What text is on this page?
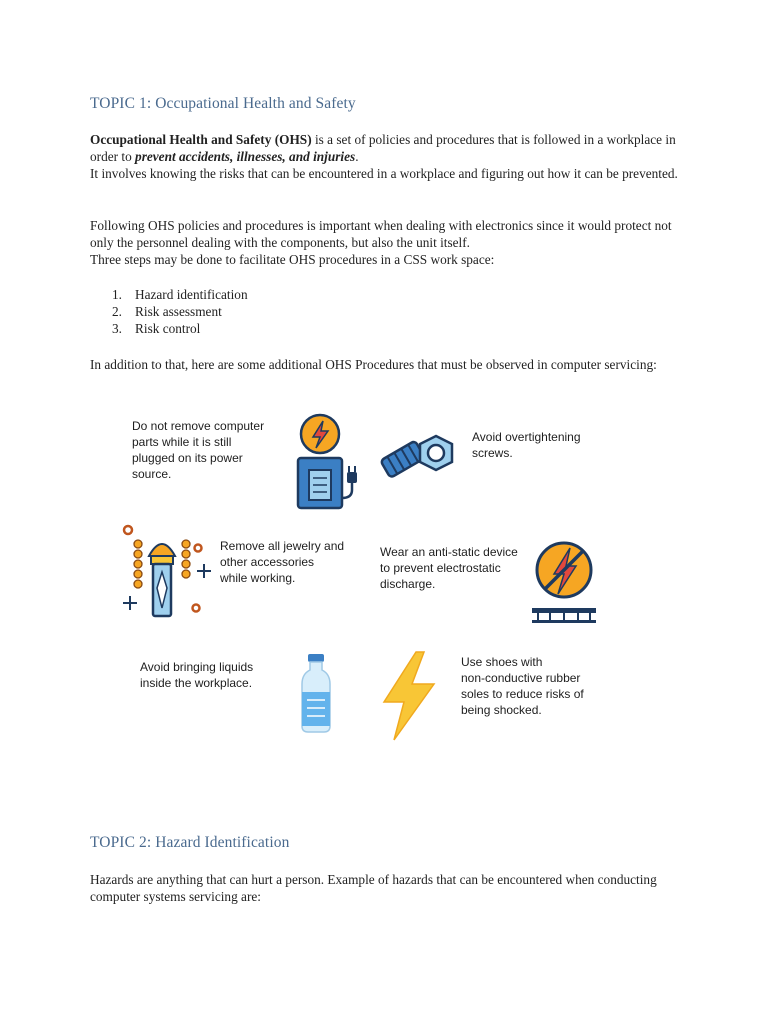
TOPIC 1: Occupational Health and Safety

Occupational Health and Safety (OHS) is a set of policies and procedures that is followed in a workplace in order to prevent accidents, illnesses, and injuries.
It involves knowing the risks that can be encountered in a workplace and figuring out how it can be prevented.

Following OHS policies and procedures is important when dealing with electronics since it would protect not only the personnel dealing with the components, but also the unit itself.
Three steps may be done to facilitate OHS procedures in a CSS work space:

1. Hazard identification
2. Risk assessment
3. Risk control

In addition to that, here are some additional OHS Procedures that must be observed in computer servicing:

Do not remove computer
parts while it is still
plugged on its power
source.

Avoid overtightening
screws.

Remove all jewelry and
other accessories
while working.

Wear an anti-static device
to prevent electrostatic
discharge.

Avoid bringing liquids
inside the workplace.

Use shoes with
non-conductive rubber
soles to reduce risks of
being shocked.

TOPIC 2: Hazard Identification

Hazards are anything that can hurt a person. Example of hazards that can be encountered when conducting computer systems servicing are:
